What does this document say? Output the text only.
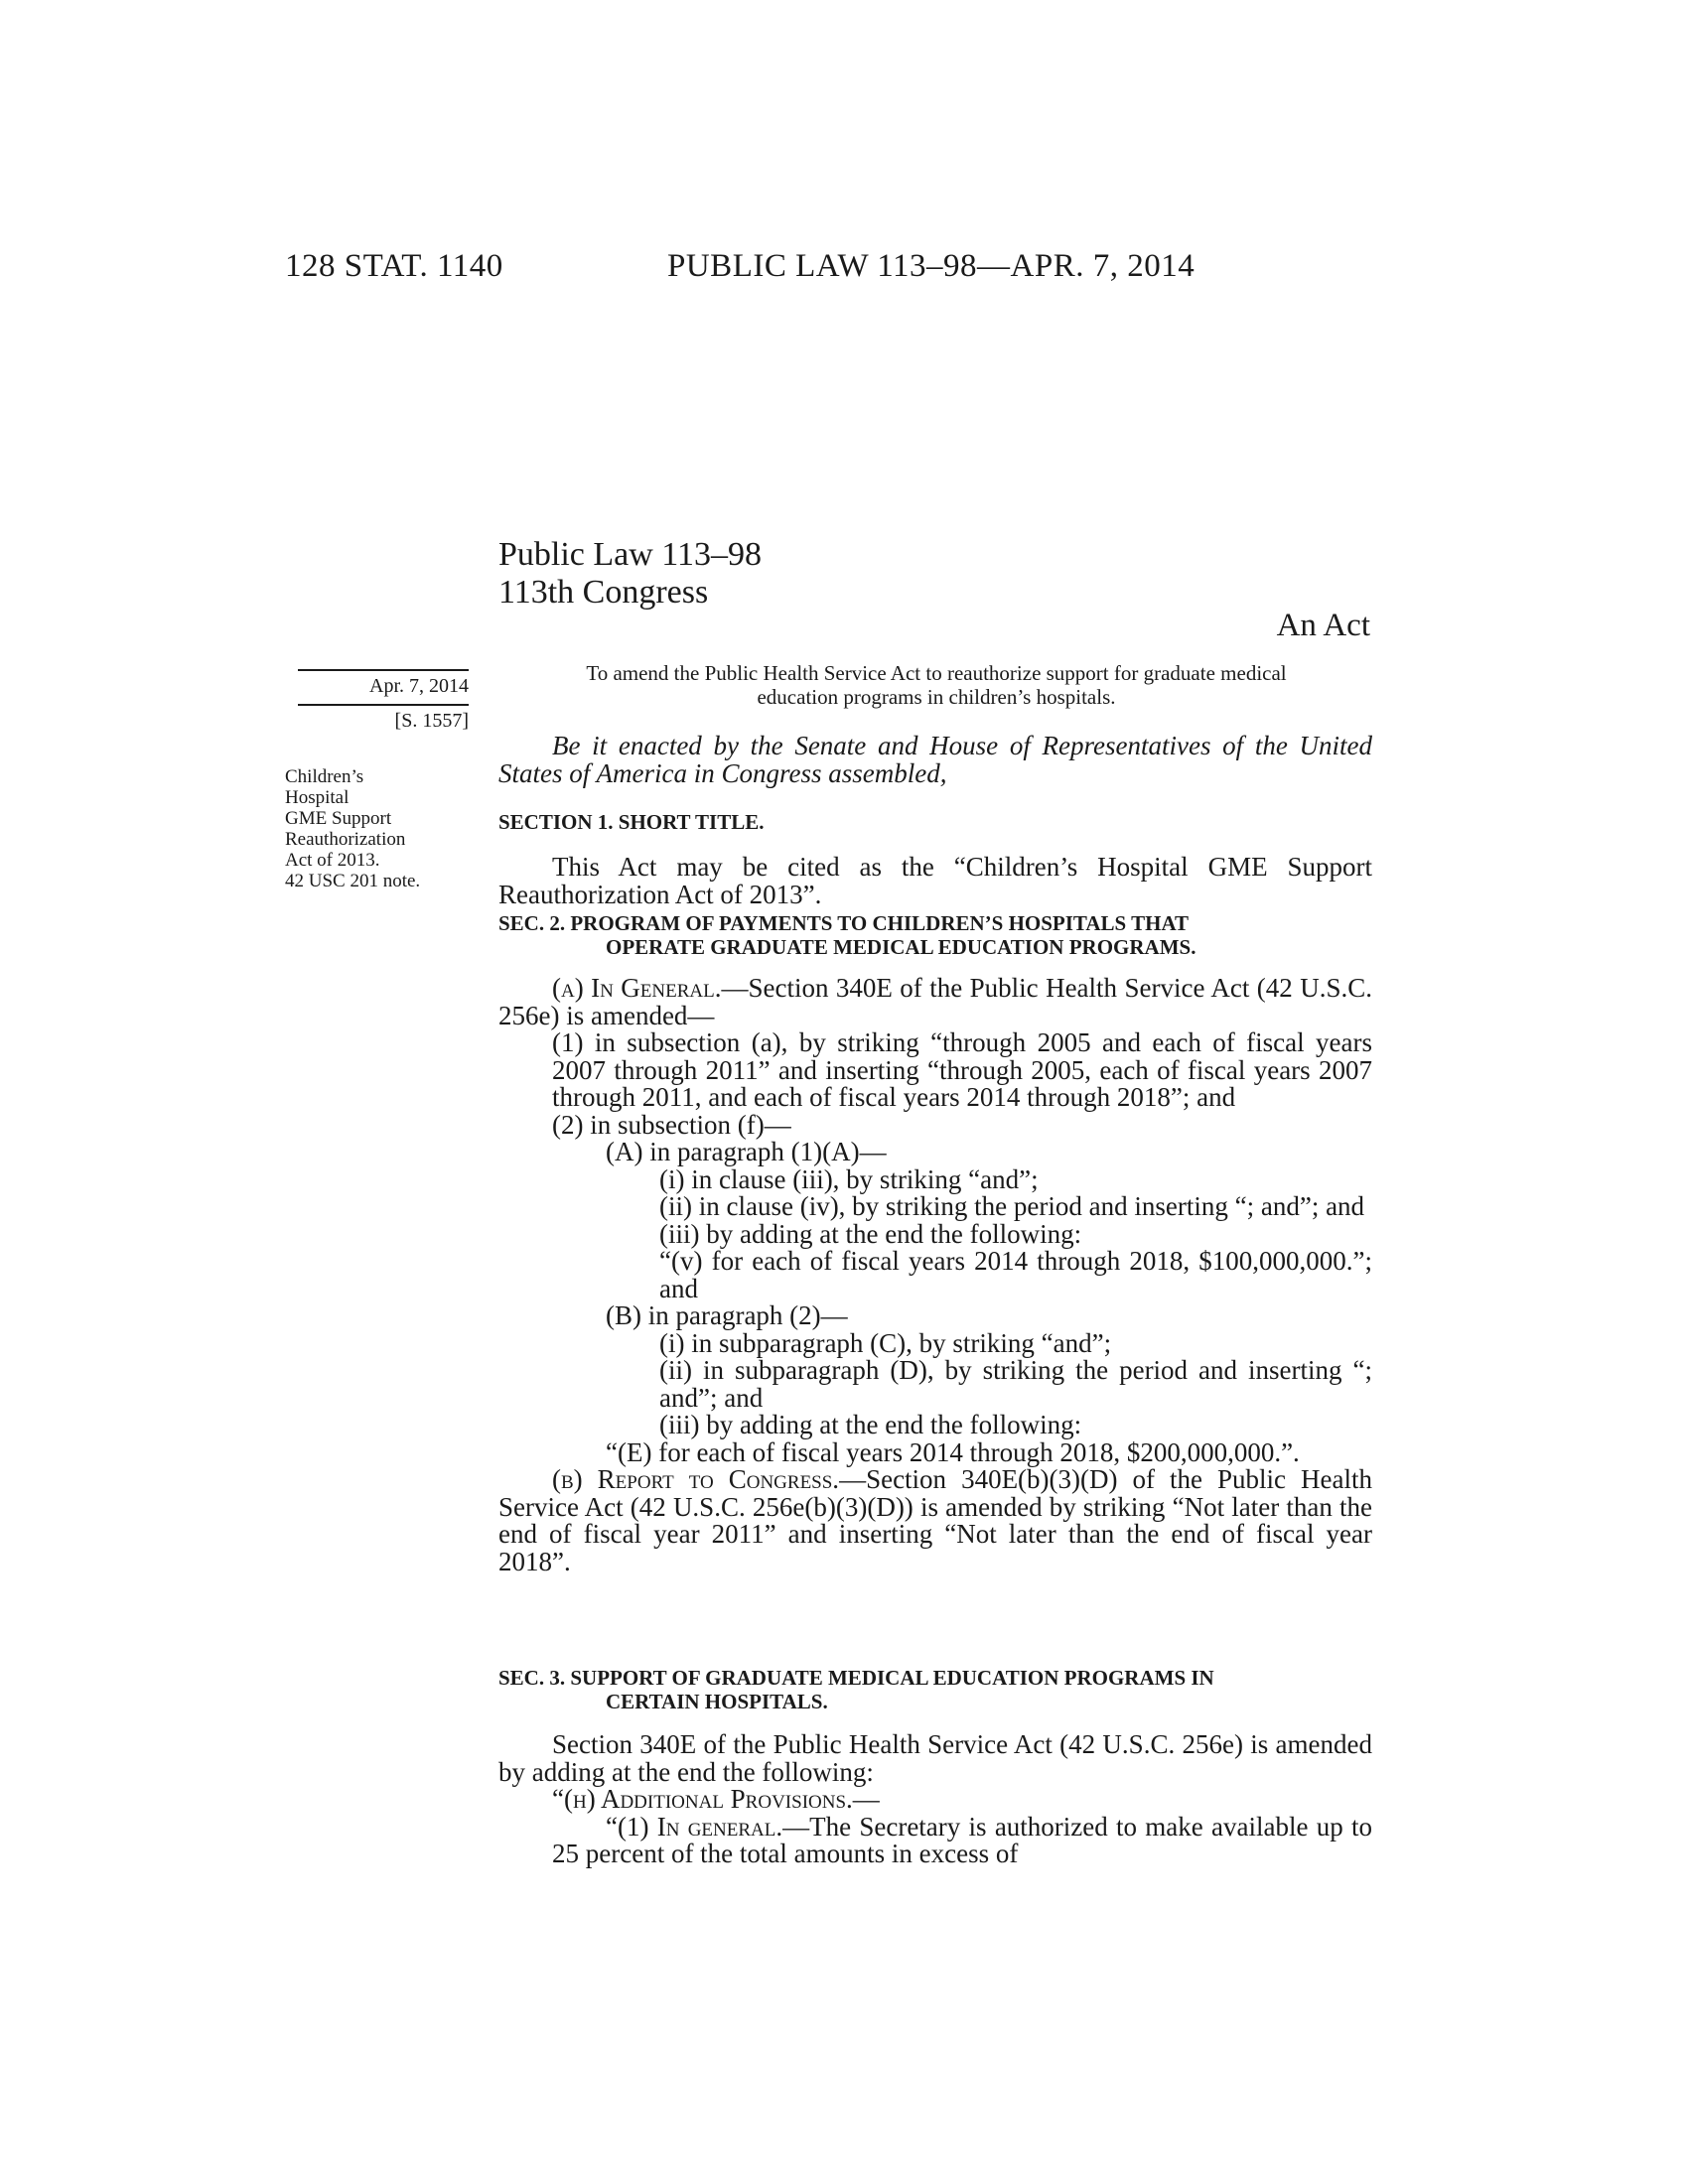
128 STAT. 1140	PUBLIC LAW 113–98—APR. 7, 2014
Public Law 113–98
113th Congress
An Act
Apr. 7, 2014
[S. 1557]
Children’s
Hospital
GME Support
Reauthorization
Act of 2013.
42 USC 201 note.
To amend the Public Health Service Act to reauthorize support for graduate medical
education programs in children’s hospitals.

Be it enacted by the Senate and House of Representatives of the United States of America in Congress assembled,

SECTION 1. SHORT TITLE.

This Act may be cited as the “Children’s Hospital GME Support Reauthorization Act of 2013”.

SEC. 2. PROGRAM OF PAYMENTS TO CHILDREN’S HOSPITALS THAT
OPERATE GRADUATE MEDICAL EDUCATION PROGRAMS.

(a) In General.—Section 340E of the Public Health Service Act (42 U.S.C. 256e) is amended—

(1) in subsection (a), by striking “through 2005 and each of fiscal years 2007 through 2011” and inserting “through 2005, each of fiscal years 2007 through 2011, and each of fiscal years 2014 through 2018”; and

(2) in subsection (f)—

(A) in paragraph (1)(A)—

(i) in clause (iii), by striking “and”;

(ii) in clause (iv), by striking the period and inserting “; and”; and

(iii) by adding at the end the following:

“(v) for each of fiscal years 2014 through 2018, $100,000,000.”; and

(B) in paragraph (2)—

(i) in subparagraph (C), by striking “and”;

(ii) in subparagraph (D), by striking the period and inserting “; and”; and

(iii) by adding at the end the following:

“(E) for each of fiscal years 2014 through 2018, $200,000,000.”.

(b) Report to Congress.—Section 340E(b)(3)(D) of the Public Health Service Act (42 U.S.C. 256e(b)(3)(D)) is amended by striking “Not later than the end of fiscal year 2011” and inserting “Not later than the end of fiscal year 2018”.

SEC. 3. SUPPORT OF GRADUATE MEDICAL EDUCATION PROGRAMS IN
CERTAIN HOSPITALS.

Section 340E of the Public Health Service Act (42 U.S.C. 256e) is amended by adding at the end the following:

“(h) Additional Provisions.—

“(1) In general.—The Secretary is authorized to make available up to 25 percent of the total amounts in excess of
